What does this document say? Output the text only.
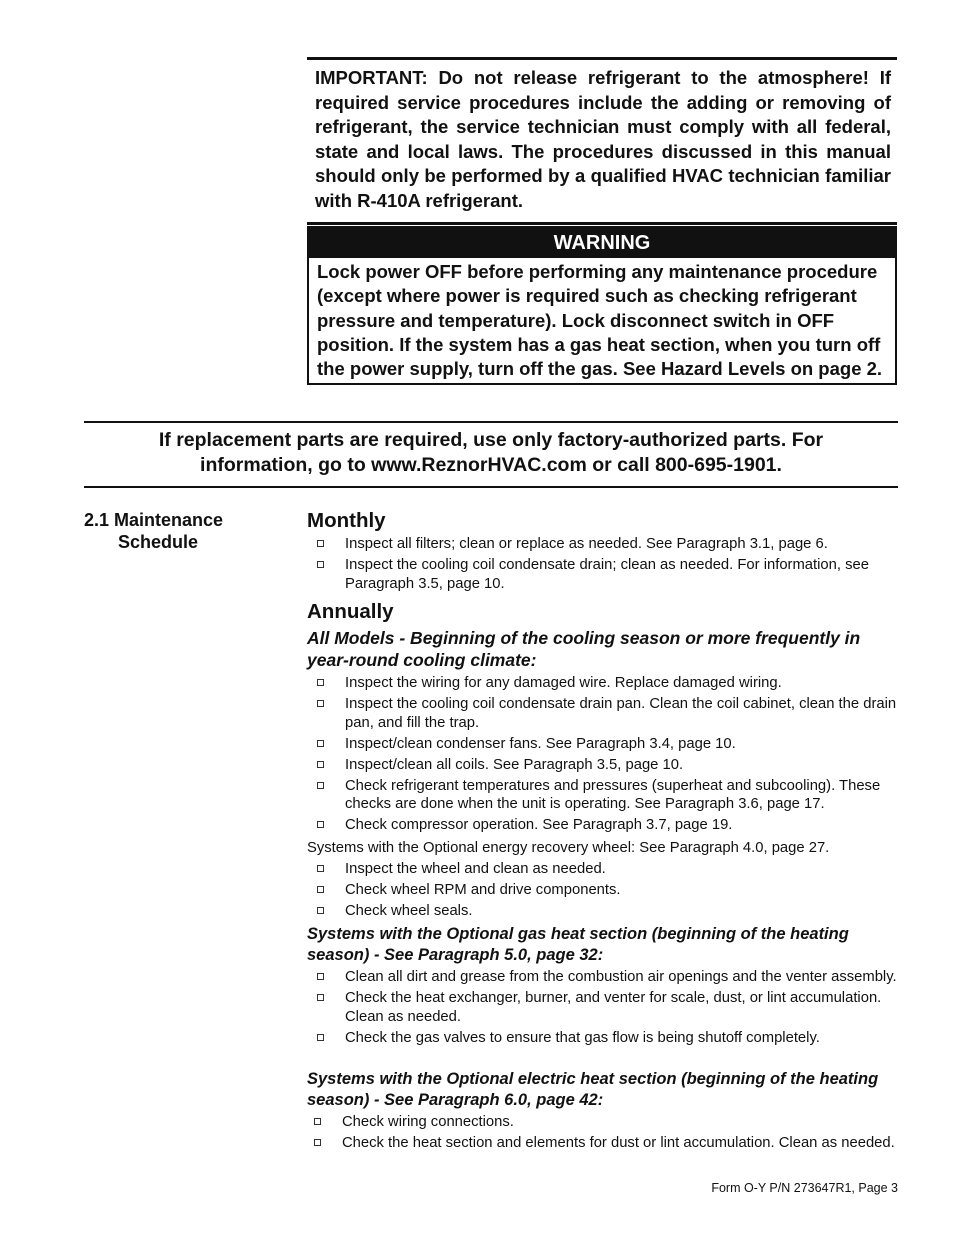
IMPORTANT: Do not release refrigerant to the atmosphere! If required service procedures include the adding or removing of refrigerant, the service technician must comply with all federal, state and local laws. The procedures discussed in this manual should only be performed by a qualified HVAC technician familiar with R-410A refrigerant.
WARNING
Lock power OFF before performing any maintenance procedure (except where power is required such as checking refrigerant pressure and temperature). Lock disconnect switch in OFF position. If the system has a gas heat section, when you turn off the power supply, turn off the gas. See Hazard Levels on page 2.
If replacement parts are required, use only factory-authorized parts. For
information, go to www.ReznorHVAC.com or call 800-695-1901.
2.1 Maintenance
Schedule
Monthly
Inspect all filters; clean or replace as needed. See Paragraph 3.1, page 6.
Inspect the cooling coil condensate drain; clean as needed. For information, see Paragraph 3.5, page 10.
Annually
All Models - Beginning of the cooling season or more frequently in year-round cooling climate:
Inspect the wiring for any damaged wire. Replace damaged wiring.
Inspect the cooling coil condensate drain pan. Clean the coil cabinet, clean the drain pan, and fill the trap.
Inspect/clean condenser fans. See Paragraph 3.4, page 10.
Inspect/clean all coils. See Paragraph 3.5, page 10.
Check refrigerant temperatures and pressures (superheat and subcooling). These checks are done when the unit is operating. See Paragraph 3.6, page 17.
Check compressor operation. See Paragraph 3.7, page 19.
Systems with the Optional energy recovery wheel: See Paragraph 4.0, page 27.
Inspect the wheel and clean as needed.
Check wheel RPM and drive components.
Check wheel seals.
Systems with the Optional gas heat section (beginning of the heating season) - See Paragraph 5.0, page 32:
Clean all dirt and grease from the combustion air openings and the venter assembly.
Check the heat exchanger, burner, and venter for scale, dust, or lint accumulation. Clean as needed.
Check the gas valves to ensure that gas flow is being shutoff completely.
Systems with the Optional electric heat section (beginning of the heating season) - See Paragraph 6.0, page 42:
Check wiring connections.
Check the heat section and elements for dust or lint accumulation. Clean as needed.
Form O-Y P/N 273647R1, Page 3
